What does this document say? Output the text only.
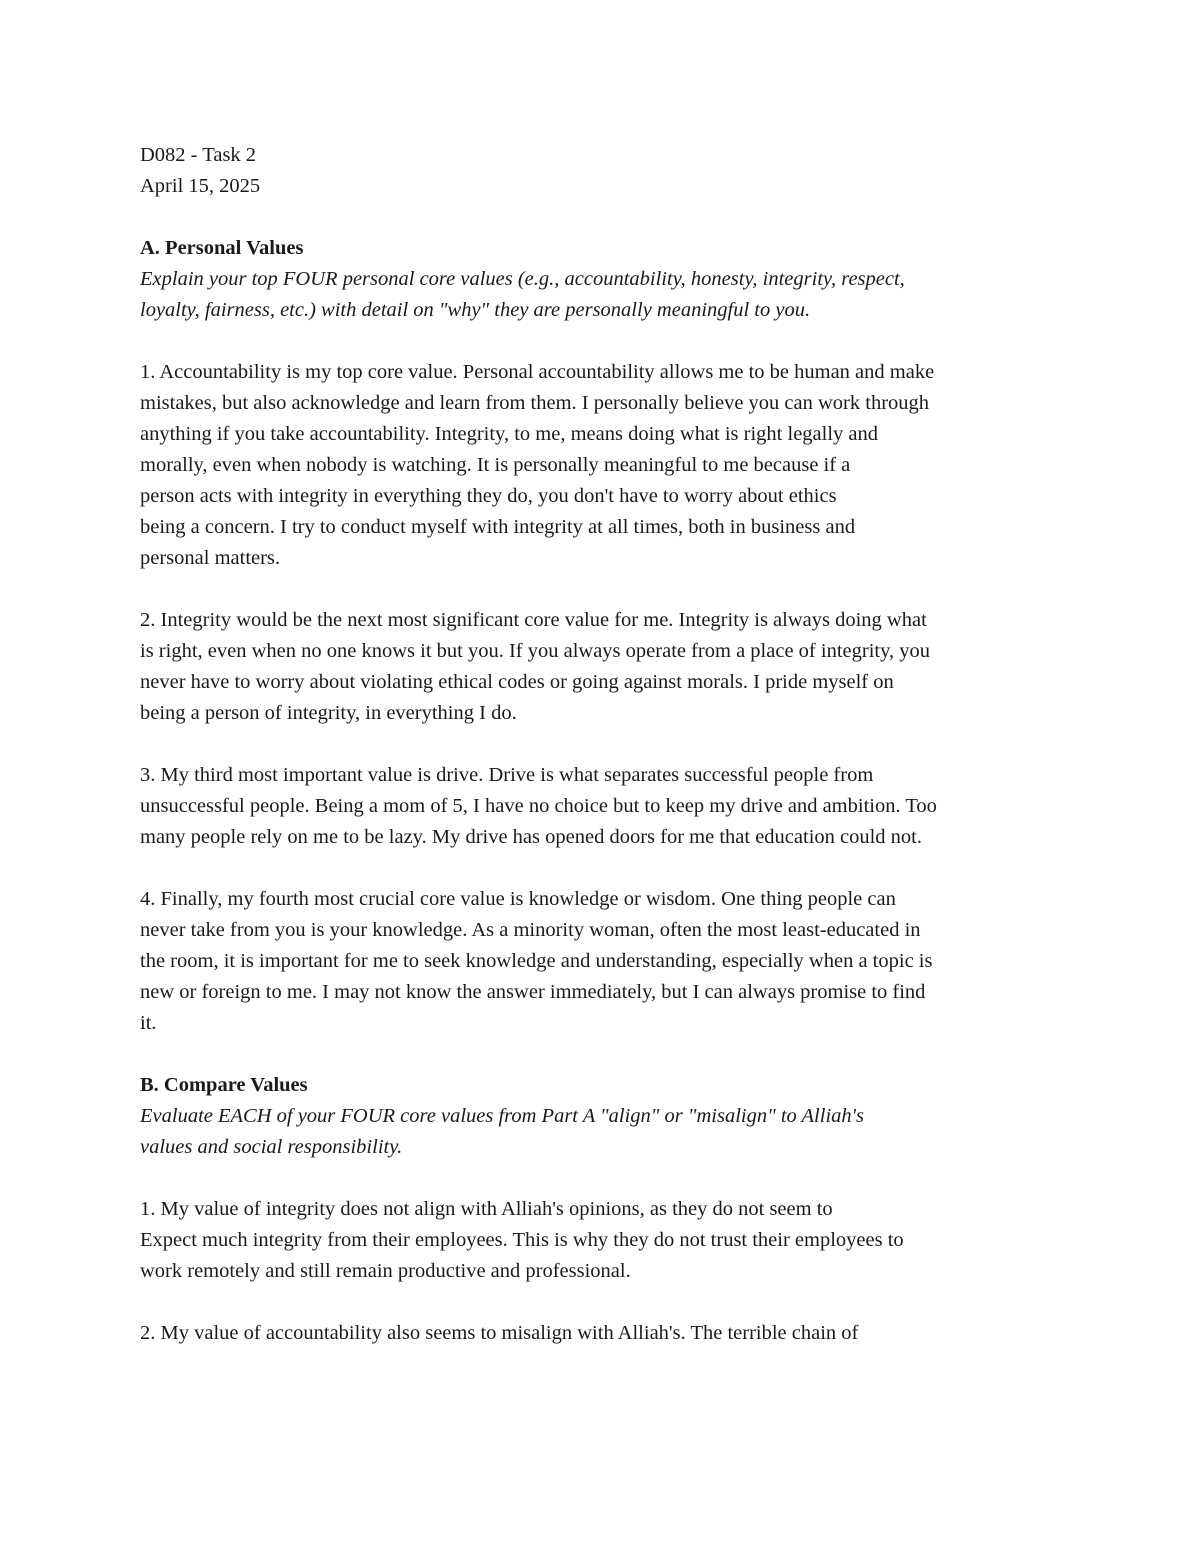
D082 - Task 2
April 15, 2025
A. Personal Values
Explain your top FOUR personal core values (e.g., accountability, honesty, integrity, respect,
loyalty, fairness, etc.) with detail on "why" they are personally meaningful to you.
1. Accountability is my top core value. Personal accountability allows me to be human and make
mistakes, but also acknowledge and learn from them. I personally believe you can work through
anything if you take accountability. Integrity, to me, means doing what is right legally and
morally, even when nobody is watching. It is personally meaningful to me because if a
person acts with integrity in everything they do, you don't have to worry about ethics
being a concern. I try to conduct myself with integrity at all times, both in business and
personal matters.
2. Integrity would be the next most significant core value for me. Integrity is always doing what
is right, even when no one knows it but you. If you always operate from a place of integrity, you
never have to worry about violating ethical codes or going against morals. I pride myself on
being a person of integrity, in everything I do.
3. My third most important value is drive. Drive is what separates successful people from
unsuccessful people. Being a mom of 5, I have no choice but to keep my drive and ambition. Too
many people rely on me to be lazy. My drive has opened doors for me that education could not.
4. Finally, my fourth most crucial core value is knowledge or wisdom. One thing people can
never take from you is your knowledge. As a minority woman, often the most least-educated in
the room, it is important for me to seek knowledge and understanding, especially when a topic is
new or foreign to me. I may not know the answer immediately, but I can always promise to find
it.
B. Compare Values
Evaluate EACH of your FOUR core values from Part A "align" or "misalign" to Alliah's
values and social responsibility.
1. My value of integrity does not align with Alliah's opinions, as they do not seem to
Expect much integrity from their employees. This is why they do not trust their employees to
work remotely and still remain productive and professional.
2. My value of accountability also seems to misalign with Alliah's. The terrible chain of
